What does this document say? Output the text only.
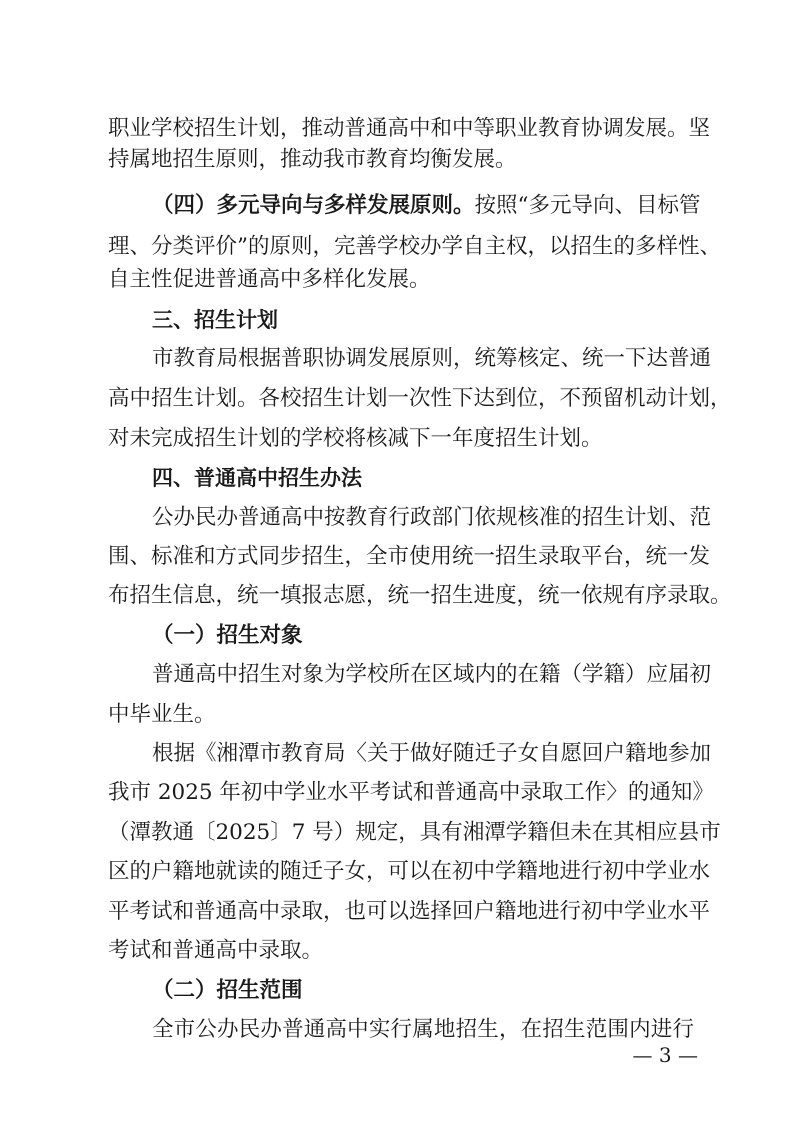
职业学校招生计划，推动普通高中和中等职业教育协调发展。坚
持属地招生原则，推动我市教育均衡发展。
（四）多元导向与多样发展原则。按照“多元导向、目标管
理、分类评价”的原则，完善学校办学自主权，以招生的多样性、
自主性促进普通高中多样化发展。
三、招生计划
市教育局根据普职协调发展原则，统筹核定、统一下达普通
高中招生计划。各校招生计划一次性下达到位，不预留机动计划，
对未完成招生计划的学校将核减下一年度招生计划。
四、普通高中招生办法
公办民办普通高中按教育行政部门依规核准的招生计划、范
围、标准和方式同步招生，全市使用统一招生录取平台，统一发
布招生信息，统一填报志愿，统一招生进度，统一依规有序录取。
（一）招生对象
普通高中招生对象为学校所在区域内的在籍（学籍）应届初
中毕业生。
根据《湘潭市教育局〈关于做好随迁子女自愿回户籍地参加
我市 2025 年初中学业水平考试和普通高中录取工作〉的通知》
（潭教通〔2025〕7 号）规定，具有湘潭学籍但未在其相应县市
区的户籍地就读的随迁子女，可以在初中学籍地进行初中学业水
平考试和普通高中录取，也可以选择回户籍地进行初中学业水平
考试和普通高中录取。
（二）招生范围
全市公办民办普通高中实行属地招生，在招生范围内进行
— 3 —
